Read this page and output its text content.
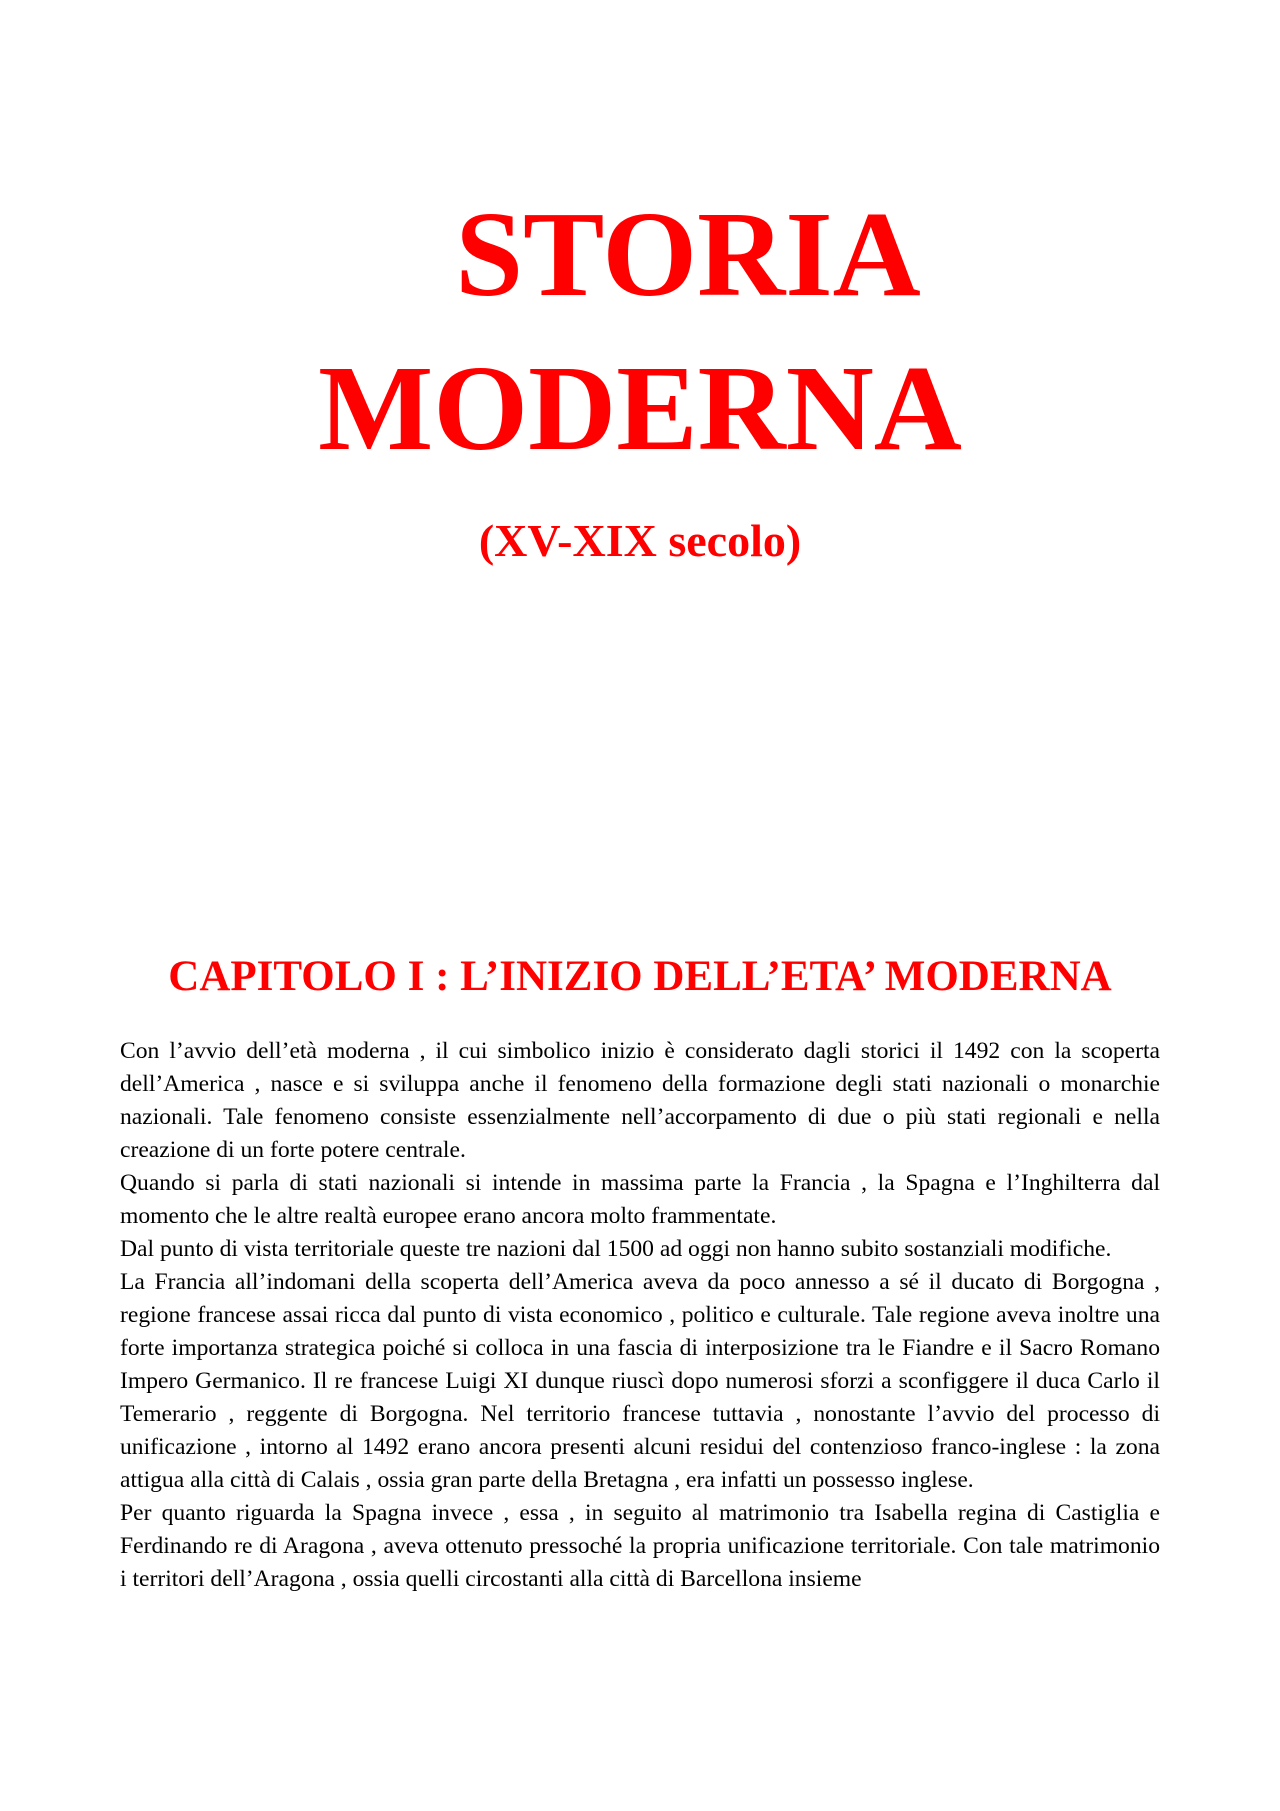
STORIA
MODERNA
(XV-XIX secolo)
CAPITOLO I : L’INIZIO DELL’ETA’ MODERNA

Con l’avvio dell’età moderna , il cui simbolico inizio è considerato dagli storici il 1492 con la scoperta dell’America , nasce e si sviluppa anche il fenomeno della formazione degli stati nazionali o monarchie nazionali. Tale fenomeno consiste essenzialmente nell’accorpamento di due o più stati regionali e nella creazione di un forte potere centrale.

Quando si parla di stati nazionali si intende in massima parte la Francia , la Spagna e l’Inghilterra dal momento che le altre realtà europee erano ancora molto frammentate.

Dal punto di vista territoriale queste tre nazioni dal 1500 ad oggi non hanno subito sostanziali modifiche.

La Francia all’indomani della scoperta dell’America aveva da poco annesso a sé il ducato di Borgogna , regione francese assai ricca dal punto di vista economico , politico e culturale. Tale regione aveva inoltre una forte importanza strategica poiché si colloca in una fascia di interposizione tra le Fiandre e il Sacro Romano Impero Germanico. Il re francese Luigi XI dunque riuscì dopo numerosi sforzi a sconfiggere il duca Carlo il Temerario , reggente di Borgogna. Nel territorio francese tuttavia , nonostante l’avvio del processo di unificazione , intorno al 1492 erano ancora presenti alcuni residui del contenzioso franco-inglese : la zona attigua alla città di Calais , ossia gran parte della Bretagna , era infatti un possesso inglese.

Per quanto riguarda la Spagna invece , essa , in seguito al matrimonio tra Isabella regina di Castiglia e Ferdinando re di Aragona , aveva ottenuto pressoché la propria unificazione territoriale. Con tale matrimonio i territori dell’Aragona , ossia quelli circostanti alla città di Barcellona insieme
